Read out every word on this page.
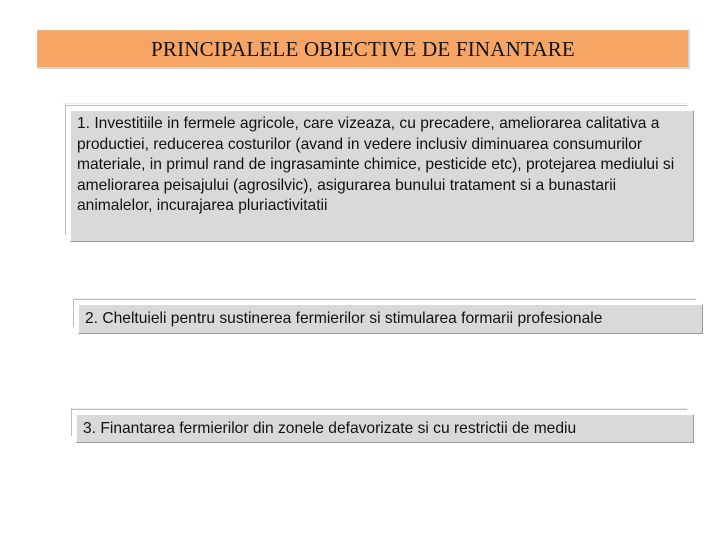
PRINCIPALELE OBIECTIVE DE FINANTARE
1. Investitiile in fermele agricole, care vizeaza, cu precadere, ameliorarea calitativa a productiei, reducerea costurilor (avand in vedere inclusiv diminuarea consumurilor materiale, in primul rand de ingrasaminte chimice, pesticide etc), protejarea mediului si ameliorarea peisajului (agrosilvic), asigurarea bunului tratament si a bunastarii animalelor, incurajarea pluriactivitatii
2. Cheltuieli pentru sustinerea fermierilor si stimularea formarii profesionale
3. Finantarea fermierilor din zonele defavorizate si cu restrictii de mediu
